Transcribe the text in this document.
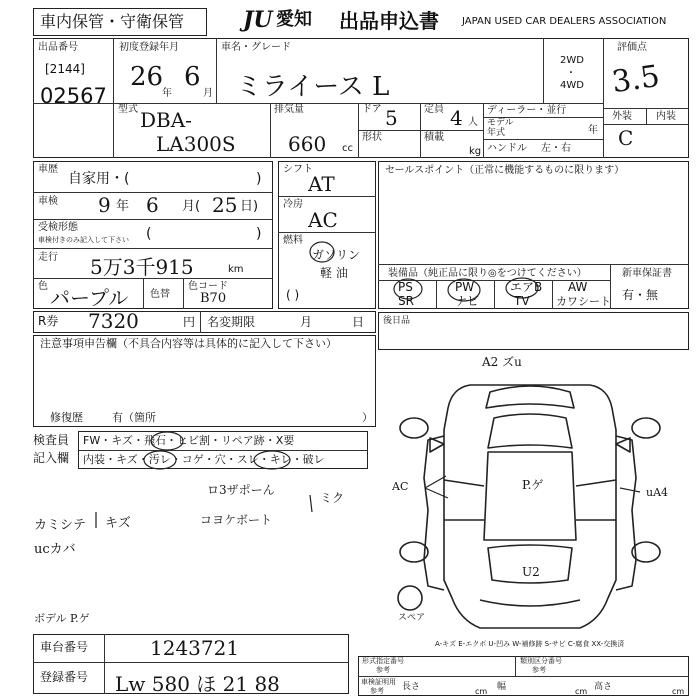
車内保管・守衛保管	JU 愛知 出品申込書 JAPAN USED CAR DEALERS ASSOCIATION
出品番号
[2144]
02567
初度登録年月
26
年
6
月
車名・グレード
ミライース L
2WD
・
4WD
評価点
3.5
型式 DBA-
LA300S
排気量
660 cc
ドア 5	定員 4 人
形状	積載
kg
ディーラー・並行
モデル
年式	年
ハンドル 左・右
外装 内装
C
車歴
自家用・(	)
車検 9 年 6 月( 25 日)
受検形態
車検付きのみ記入して下さい (	)
走行 5万3千915	km
色 パープル 色替
色コード
B70
シフト
AT
冷房
AC
燃料
ガソリン
軽 油
( )
セールスポイント（正常に機能するものに限ります）
装備品（純正品に限り◎をつけてください）
PS	PW	エアB AW
SR	ナビ	TV カワシート
新車保証書
有・無
R券 7320	円 名変期限	月	日
注意事項申告欄（不具合内容等は具体的に記入して下さい）
修復歴	有（箇所	）
後日品
検査員
記入欄
FW・キズ・飛石・ヒビ割・リペア跡・X要
内装・キズ・汚レ・コゲ・穴・スレ・キレ・破レ
ロ3ザポーん
ミク
コヨケボート
カミシテ キズ
ucカバ
ボデル P.ゲ
A2 ズu
AC	P.ゲ
uA4
U2
スペア
A-キズ E-エクボ U-凹み W-補修跡 S-サビ C-腐食 XX-交換済
車台番号	1243721
登録番号 Lw 580 ほ 21 88
形式指定番号
参考
類別区分番号
参考
車検証明用
参考 長さ	cm 幅	cm 高さ	cm
